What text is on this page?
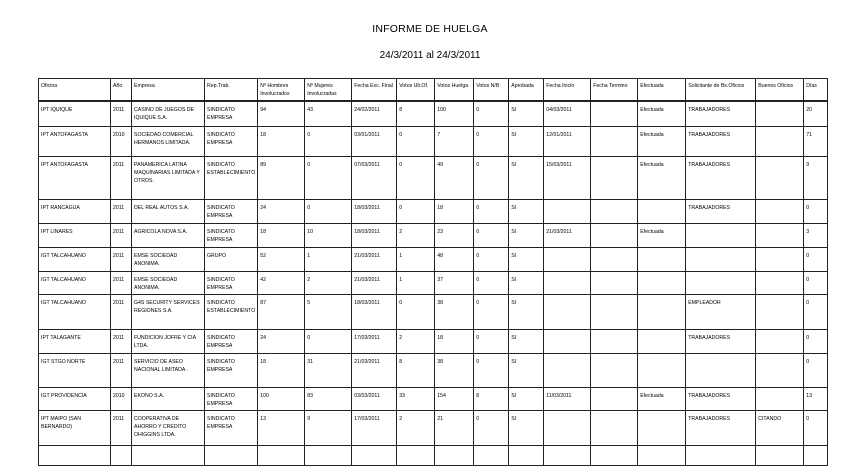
INFORME DE HUELGA
24/3/2011 al 24/3/2011
Oficina	Año	Empresa	Rep.Trab.	Nº Hombres Involucrados	Nº Mujeres Involucradas	Fecha Exc. Final	Votos Ult.Of.	Votos Huelga	Votos N/B	Aprobada	Fecha Inicio	Fecha Termino	Efectuada	Solicitante de Bs.Oficios	Buenos Oficios	Días
IPT IQUIQUE	2011	CASINO DE JUEGOS DE IQUIQUE S.A.	SINDICATO EMPRESA	94	43	24/02/2011	8	100	0	SI	04/03/2011		Efectuada	TRABAJADORES		20
IPT ANTOFAGASTA	2010	SOCIEDAD COMERCIAL HERMANOS LIMITADA.	SINDICATO EMPRESA	18	0	03/01/2011	0	7	0	SI	12/01/2011		Efectuada	TRABAJADORES		71
IPT ANTOFAGASTA	2011	PANAMERICA LATINA MAQUINARIAS LIMITADA Y OTROS.	SINDICATO ESTABLECIMIENTO	89	0	07/03/2011	0	49	0	SI	15/03/2011		Efectuada	TRABAJADORES		9
IPT RANCAGUA	2011	DEL REAL AUTOS S.A.	SINDICATO EMPRESA	24	0	18/03/2011	0	18	0	SI				TRABAJADORES		0
IPT LINARES	2011	AGRICOLA NOVA S.A.	SINDICATO EMPRESA	18	10	18/03/2011	2	23	0	SI	21/03/2011		Efectuada			3
IGT TALCAHUANO	2011	EMSE SOCIEDAD ANONIMA.	GRUPO	52	1	21/03/2011	1	48	0	SI						0
IGT TALCAHUANO	2011	EMSE SOCIEDAD ANONIMA.	SINDICATO EMPRESA	42	2	21/03/2011	1	37	0	SI						0
IGT TALCAHUANO	2011	G4S SECURITY SERVICES REGIONES S.A.	SINDICATO ESTABLECIMIENTO	87	5	18/03/2011	0	38	0	SI				EMPLEADOR		0
IPT TALAGANTE	2011	FUNDICION JOFRE Y CIA LTDA.	SINDICATO EMPRESA	24	0	17/03/2011	2	18	0	SI				TRABAJADORES		0
IGT STGO NORTE	2011	SERVICIO DE ASEO NACIONAL LIMITADA .	SINDICATO EMPRESA	18	31	21/03/2011	8	38	0	SI						0
IGT PROVIDENCIA	2010	EKONO S.A.	SINDICATO EMPRESA	100	83	03/03/2011	33	154	8	SI	11/03/2011		Efectuada	TRABAJADORES		13
IPT MAIPO (SAN BERNARDO)	2011	COOPERATIVA DE AHORRO Y CREDITO OHIGGINS LTDA.	SINDICATO EMPRESA	13	9	17/03/2011	2	21	0	SI				TRABAJADORES	CITANDO	0
